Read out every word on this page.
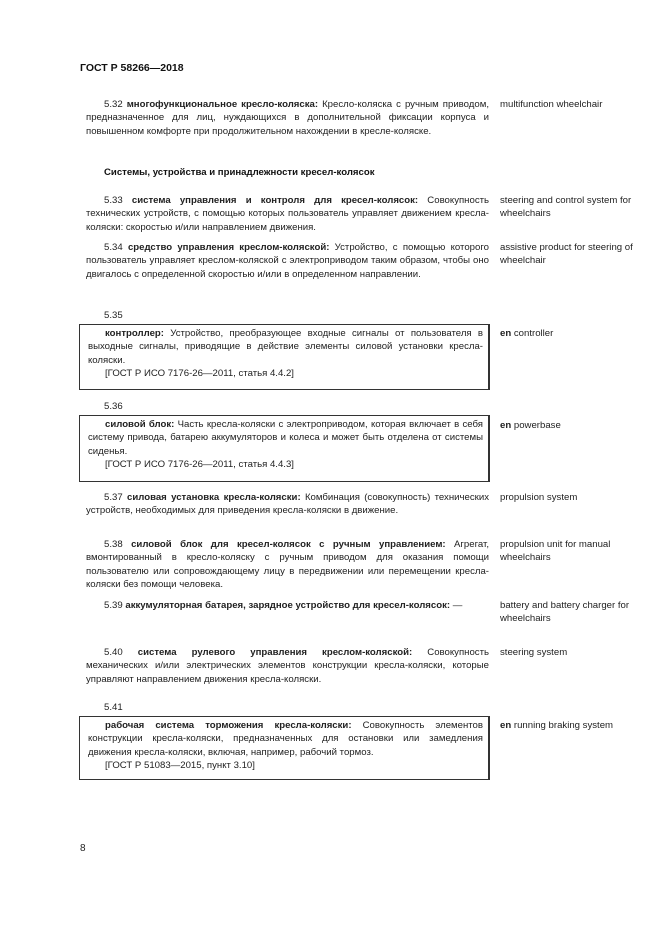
ГОСТ Р 58266—2018
5.32 многофункциональное кресло-коляска: Кресло-коляска с ручным приводом, предназначенное для лиц, нуждающихся в дополнительной фиксации корпуса и повышенном комфорте при продолжительном нахождении в кресле-коляске.
multifunction wheelchair
Системы, устройства и принадлежности кресел-колясок
5.33 система управления и контроля для кресел-колясок: Совокупность технических устройств, с помощью которых пользователь управляет движением кресла-коляски: скоростью и/или направлением движения.
steering and control system for wheelchairs
5.34 средство управления креслом-коляской: Устройство, с помощью которого пользователь управляет креслом-коляской с электроприводом таким образом, чтобы оно двигалось с определенной скоростью и/или в определенном направлении.
assistive product for steering of wheelchair
5.35
контроллер: Устройство, преобразующее входные сигналы от пользователя в выходные сигналы, приводящие в действие элементы силовой установки кресла-коляски.
[ГОСТ Р ИСО 7176-26—2011, статья 4.4.2]
en controller
5.36
силовой блок: Часть кресла-коляски с электроприводом, которая включает в себя систему привода, батарею аккумуляторов и колеса и может быть отделена от системы сиденья.
[ГОСТ Р ИСО 7176-26—2011, статья 4.4.3]
en powerbase
5.37 силовая установка кресла-коляски: Комбинация (совокупность) технических устройств, необходимых для приведения кресла-коляски в движение.
propulsion system
5.38 силовой блок для кресел-колясок с ручным управлением: Агрегат, вмонтированный в кресло-коляску с ручным приводом для оказания помощи пользователю или сопровождающему лицу в передвижении или перемещении кресла-коляски без помощи человека.
propulsion unit for manual wheelchairs
5.39 аккумуляторная батарея, зарядное устройство для кресел-колясок: —	battery and battery charger for wheelchairs
5.40 система рулевого управления креслом-коляской: Совокупность механических и/или электрических элементов конструкции кресла-коляски, которые управляют направлением движения кресла-коляски.
steering system
5.41
рабочая система торможения кресла-коляски: Совокупность элементов конструкции кресла-коляски, предназначенных для остановки или замедления движения кресла-коляски, включая, например, рабочий тормоз.
[ГОСТ Р 51083—2015, пункт 3.10]
en running braking system
8
